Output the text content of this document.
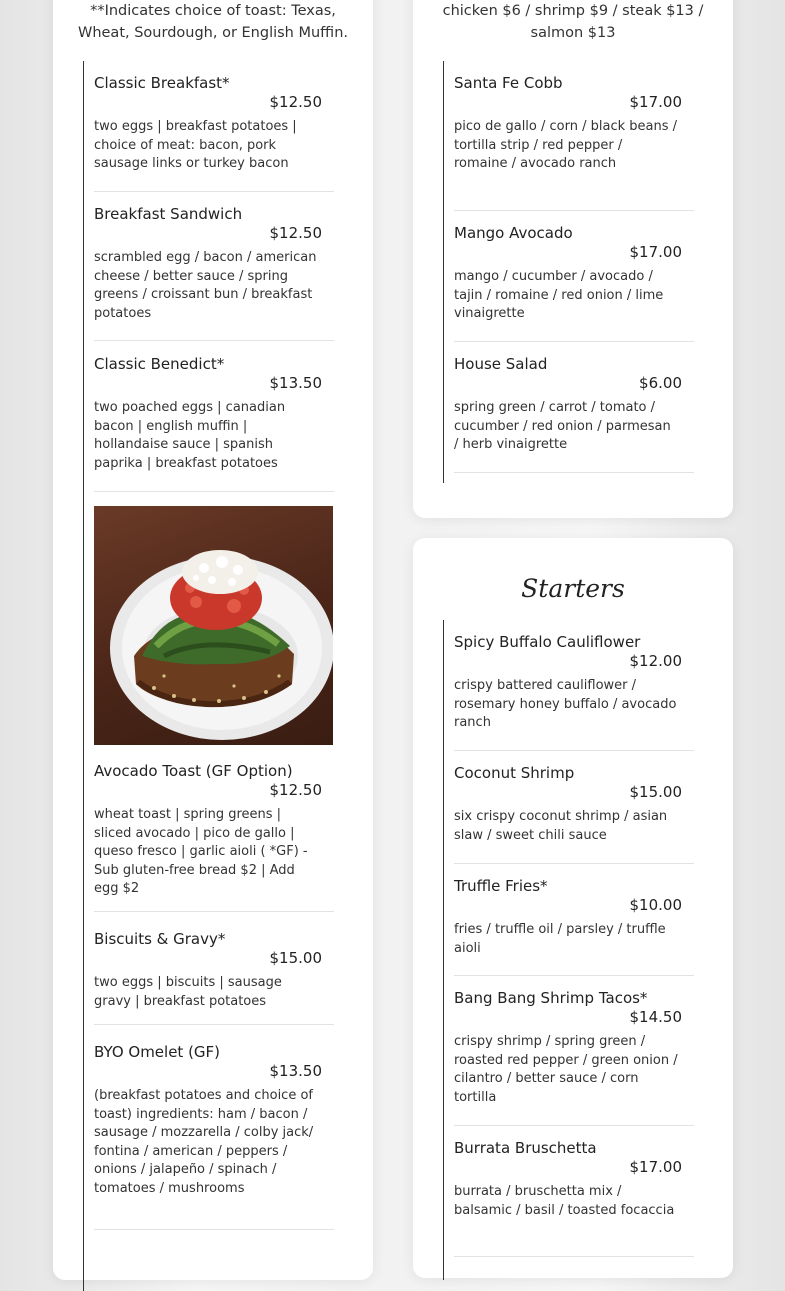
**Indicates choice of toast: Texas, Wheat, Sourdough, or English Muffin.
Classic Breakfast*
$12.50
two eggs | breakfast potatoes | choice of meat: bacon, pork sausage links or turkey bacon
Breakfast Sandwich
$12.50
scrambled egg / bacon / american cheese / better sauce / spring greens / croissant bun / breakfast potatoes
Classic Benedict*
$13.50
two poached eggs | canadian bacon | english muffin | hollandaise sauce | spanish paprika | breakfast potatoes
Avocado Toast (GF Option)
$12.50
wheat toast | spring greens | sliced avocado | pico de gallo | queso fresco | garlic aioli ( *GF) - Sub gluten-free bread $2 | Add egg $2
Biscuits & Gravy*
$15.00
two eggs | biscuits | sausage gravy | breakfast potatoes
BYO Omelet (GF)
$13.50
(breakfast potatoes and choice of toast) ingredients: ham / bacon / sausage / mozzarella / colby jack/ fontina / american / peppers / onions / jalapeño / spinach / tomatoes / mushrooms
chicken $6 / shrimp $9 / steak $13 / salmon $13
Santa Fe Cobb
$17.00
pico de gallo / corn / black beans / tortilla strip / red pepper / romaine / avocado ranch
Mango Avocado
$17.00
mango / cucumber / avocado / tajin / romaine / red onion / lime vinaigrette
House Salad
$6.00
spring green / carrot / tomato / cucumber / red onion / parmesan / herb vinaigrette
Starters
Spicy Buffalo Cauliflower
$12.00
crispy battered cauliflower / rosemary honey buffalo / avocado ranch
Coconut Shrimp
$15.00
six crispy coconut shrimp / asian slaw / sweet chili sauce
Truffle Fries*
$10.00
fries / truffle oil / parsley / truffle aioli
Bang Bang Shrimp Tacos*
$14.50
crispy shrimp / spring green / roasted red pepper / green onion / cilantro / better sauce / corn tortilla
Burrata Bruschetta
$17.00
burrata / bruschetta mix / balsamic / basil / toasted focaccia
